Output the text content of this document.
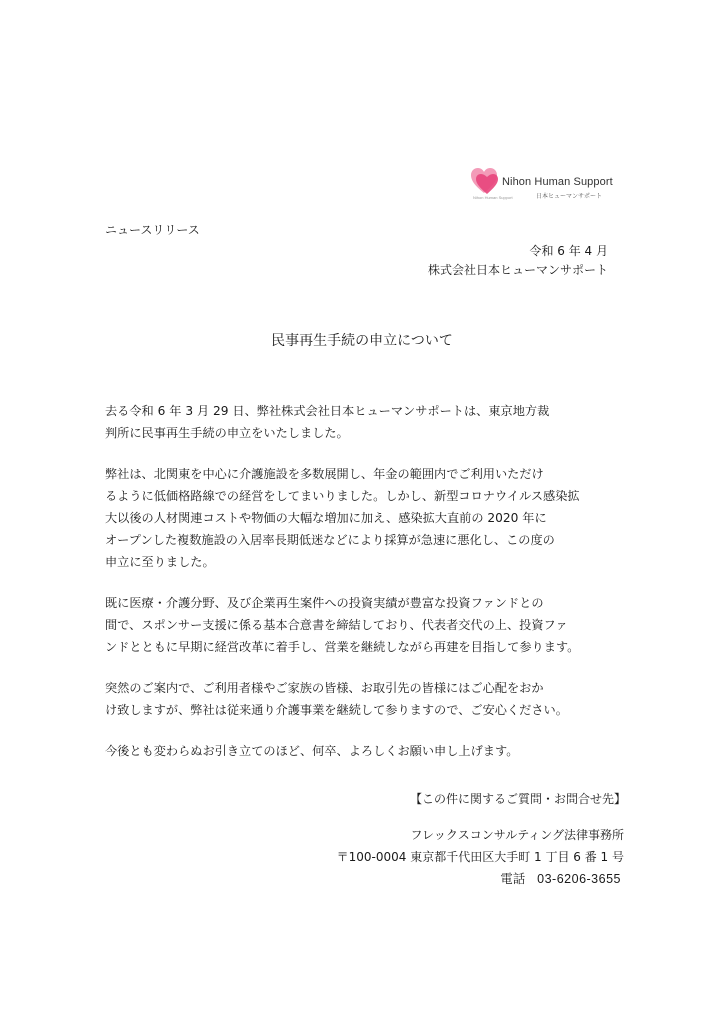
Nihon Human Support
日本ヒューマンサポート
Nihon Human Support
ニュースリリース
令和 6 年 4 月
株式会社日本ヒューマンサポート
民事再生手続の申立について

去る令和 6 年 3 月 29 日、弊社株式会社日本ヒューマンサポートは、東京地方裁
判所に民事再生手続の申立をいたしました。

弊社は、北関東を中心に介護施設を多数展開し、年金の範囲内でご利用いただけ
るように低価格路線での経営をしてまいりました。しかし、新型コロナウイルス感染拡
大以後の人材関連コストや物価の大幅な増加に加え、感染拡大直前の 2020 年に
オープンした複数施設の入居率長期低迷などにより採算が急速に悪化し、この度の
申立に至りました。

既に医療・介護分野、及び企業再生案件への投資実績が豊富な投資ファンドとの
間で、スポンサー支援に係る基本合意書を締結しており、代表者交代の上、投資ファ
ンドとともに早期に経営改革に着手し、営業を継続しながら再建を目指して参ります。

突然のご案内で、ご利用者様やご家族の皆様、お取引先の皆様にはご心配をおか
け致しますが、弊社は従来通り介護事業を継続して参りますので、ご安心ください。

今後とも変わらぬお引き立てのほど、何卒、よろしくお願い申し上げます。

【この件に関するご質問・お問合せ先】
フレックスコンサルティング法律事務所
〒100-0004 東京都千代田区大手町 1 丁目 6 番 1 号
電話 03-6206-3655
